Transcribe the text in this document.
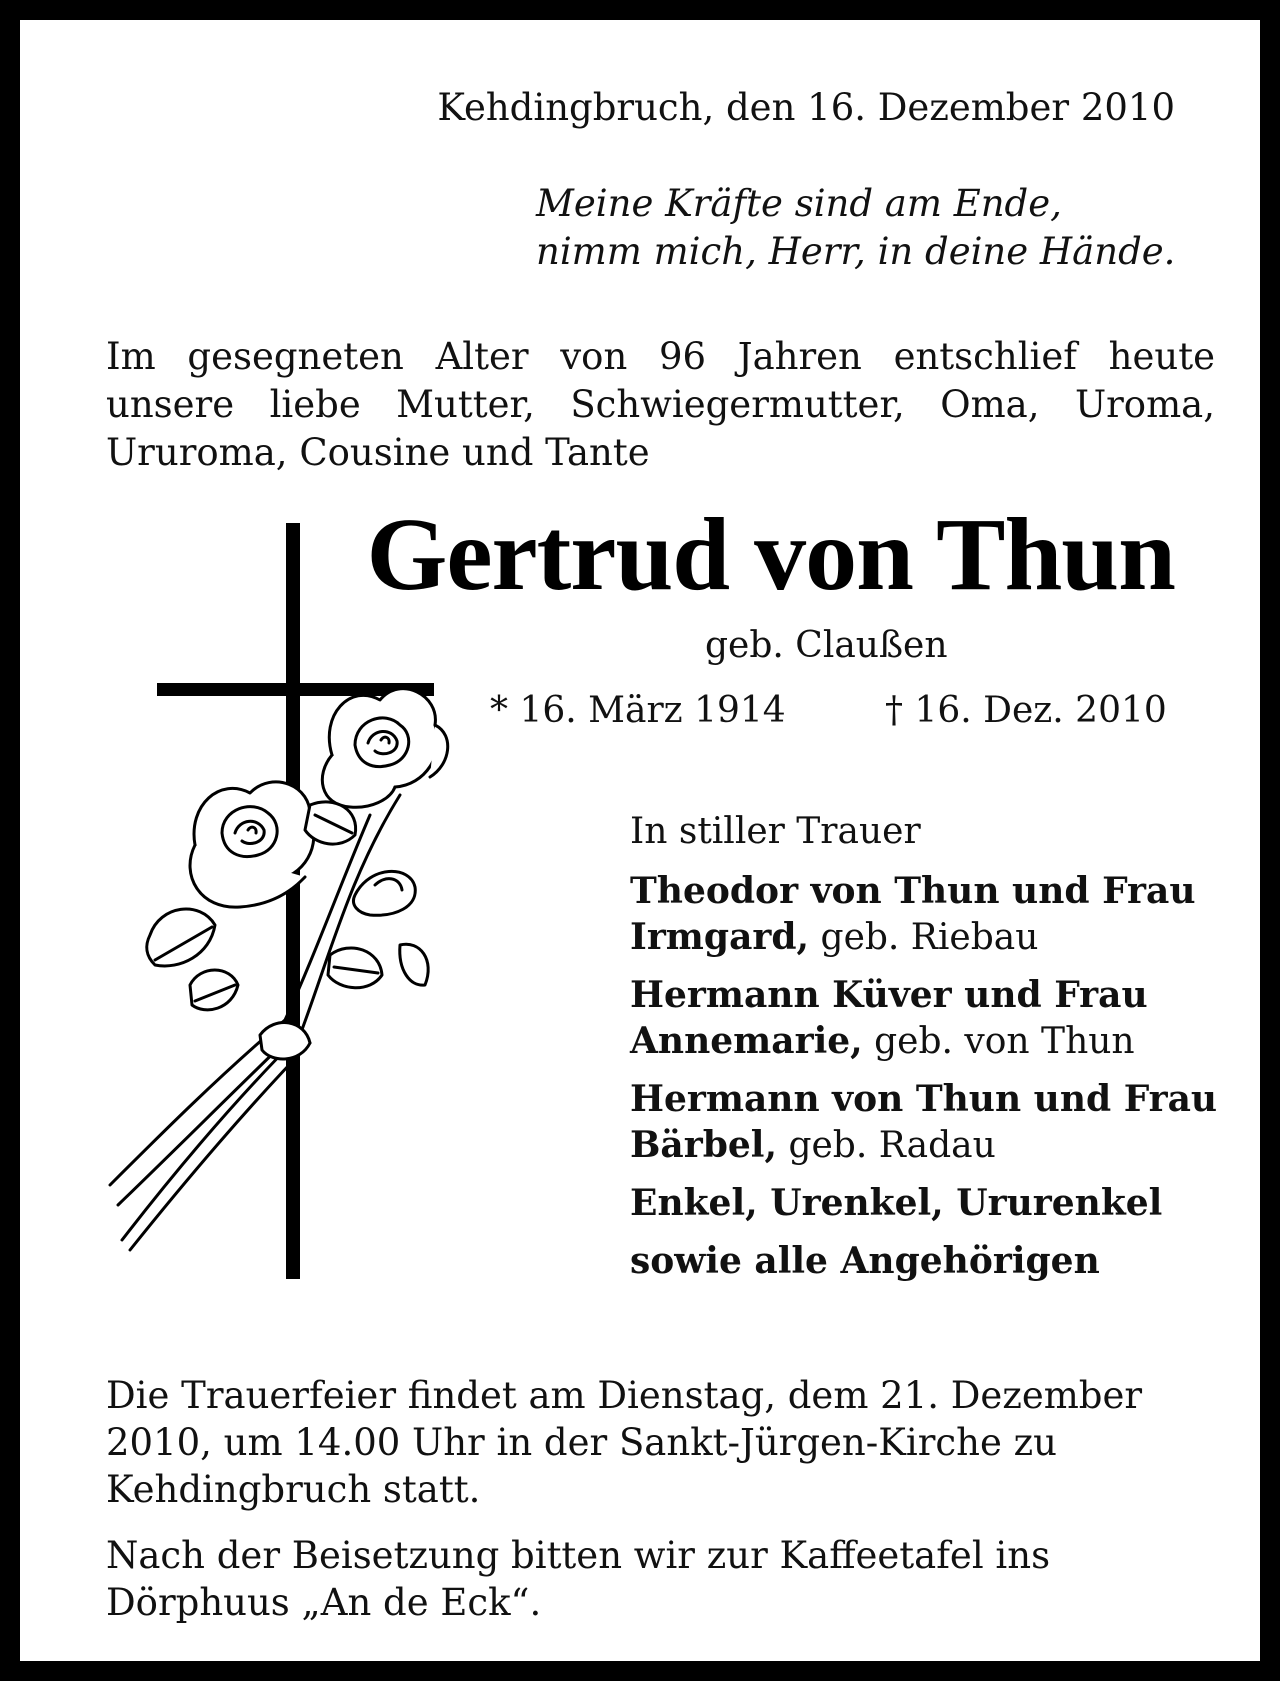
Kehdingbruch, den 16. Dezember 2010

Meine Kräfte sind am Ende,
nimm mich, Herr, in deine Hände.

Im gesegneten Alter von 96 Jahren entschlief heute unsere liebe Mutter, Schwiegermutter, Oma, Uroma, Ururoma, Cousine und Tante

Gertrud von Thun

geb. Claußen

* 16. März 1914	† 16. Dez. 2010

In stiller Trauer

Theodor von Thun und Frau
Irmgard, geb. Riebau

Hermann Küver und Frau
Annemarie, geb. von Thun

Hermann von Thun und Frau
Bärbel, geb. Radau

Enkel, Urenkel, Ururenkel

sowie alle Angehörigen

Die Trauerfeier findet am Dienstag, dem 21. Dezember 2010, um 14.00 Uhr in der Sankt-Jürgen-Kirche zu Kehdingbruch statt.

Nach der Beisetzung bitten wir zur Kaffeetafel ins Dörphuus „An de Eck“.
